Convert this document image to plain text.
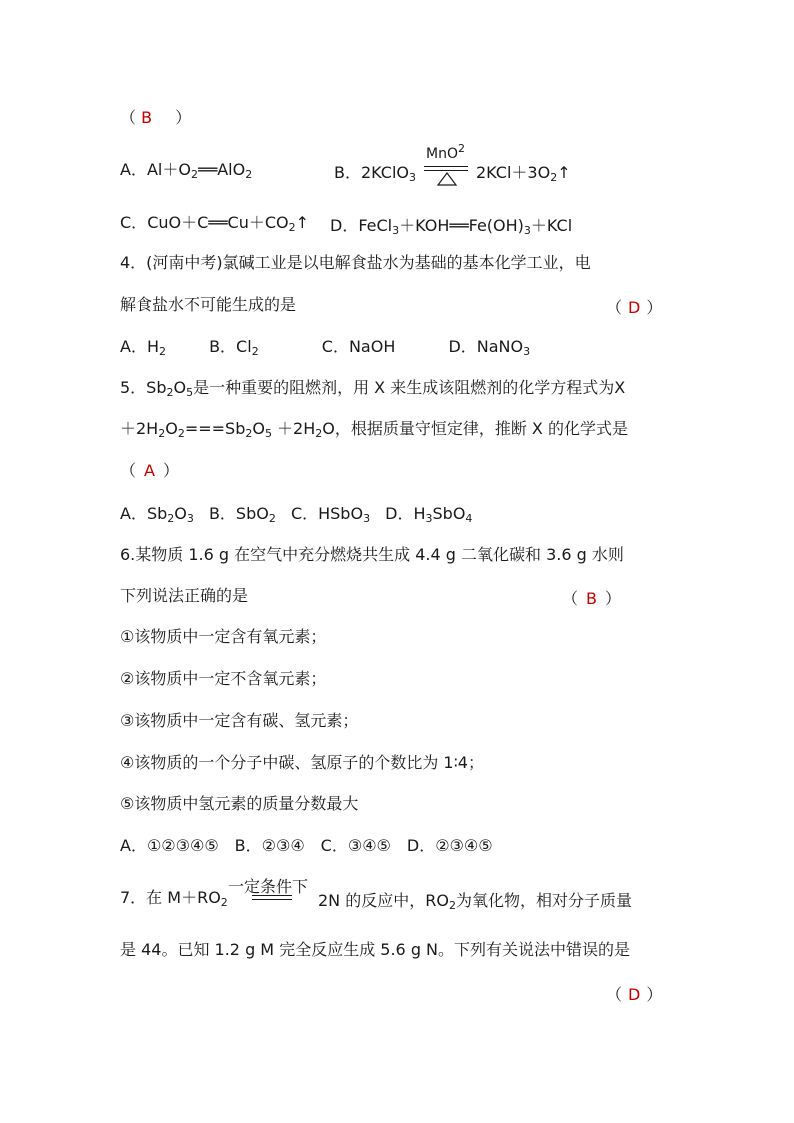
（ B ）
A．$Al+O_2══AlO_2$	B．2KClO$_3$
MnO$^2$
$2KCl+3O_2↑$
C．$CuO+C══Cu+CO_2↑$ D．$FeCl_3+KOH══Fe(OH)_3+KCl$
4．(河南中考)氯碱工业是以电解食盐水为基础的基本化学工业，电
解食盐水不可能生成的是	（ D ）
A．$H_2$	B．$Cl_2$	C．NaOH	D．NaNO$_3$
5．$Sb_2O_5$是一种重要的阻燃剂，用 X 来生成该阻燃剂的化学方程式为X
$+2H_2O_2===Sb_2O_5 +2H_2O$，根据质量守恒定律，推断 X 的化学式是
（ A ）
A．$Sb_2O_3$ B．SbO$_2$ C．HSbO$_3$ D．$H_3SbO_4$
6.某物质 1.6 g 在空气中充分燃烧共生成 4.4 g 二氧化碳和 3.6 g 水则
下列说法正确的是	（ B ）
①该物质中一定含有氧元素；
②该物质中一定不含氧元素；
③该物质中一定含有碳、氢元素；
④该物质的一个分子中碳、氢原子的个数比为 1∶4；
⑤该物质中氢元素的质量分数最大
A．①②③④⑤　B．②③④　C．③④⑤　D．②③④⑤
7．在 $M+RO_2$
一定条件下
2N 的反应中，$RO_2$为氧化物，相对分子质量
是 44。已知 1.2 g M 完全反应生成 5.6 g N。下列有关说法中错误的是
（ D ）
